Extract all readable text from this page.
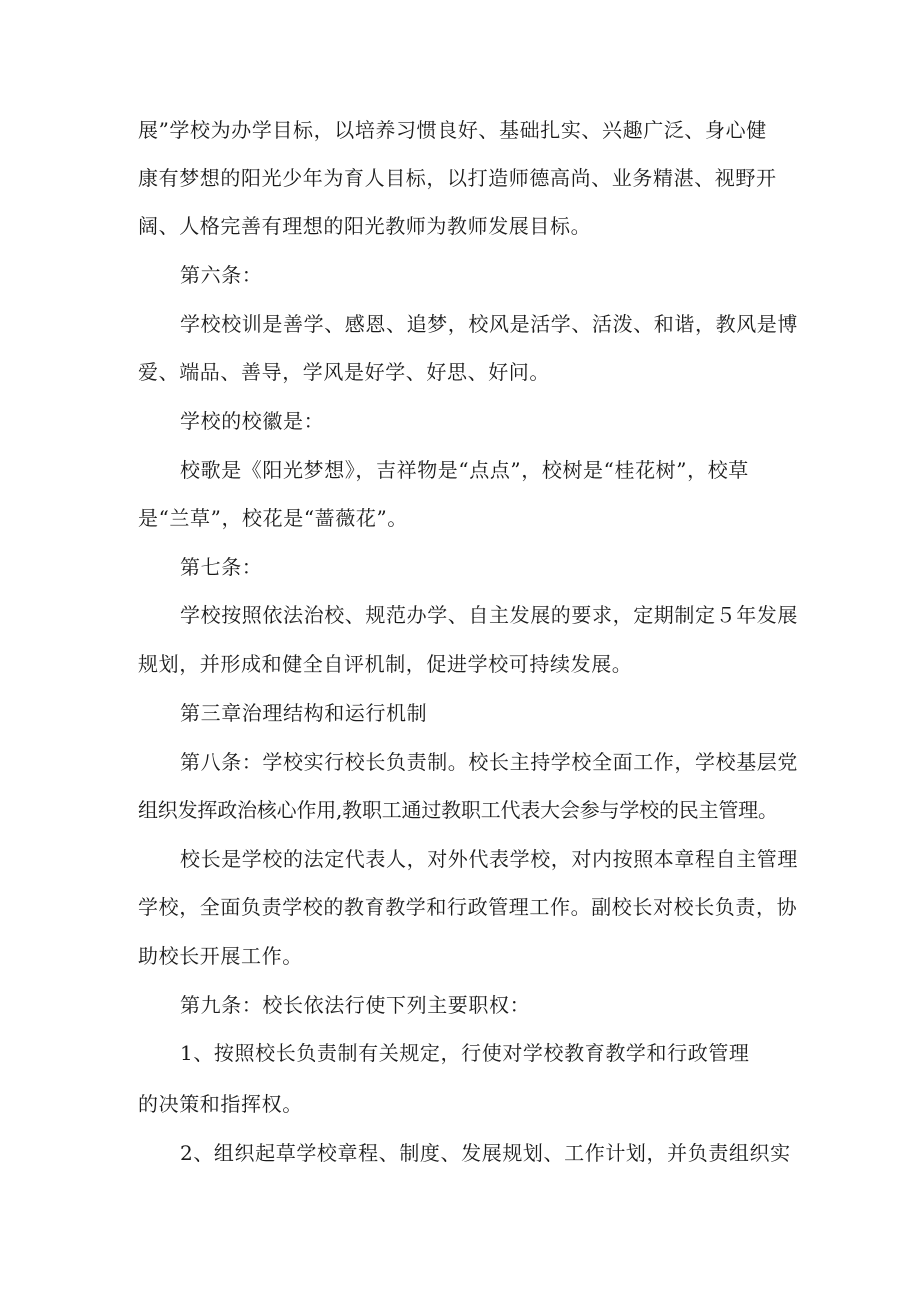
展”学校为办学目标，以培养习惯良好、基础扎实、兴趣广泛、身心健

康有梦想的阳光少年为育人目标，以打造师德高尚、业务精湛、视野开

阔、人格完善有理想的阳光教师为教师发展目标。

第六条：

学校校训是善学、感恩、追梦，校风是活学、活泼、和谐，教风是博

爱、端品、善导，学风是好学、好思、好问。

学校的校徽是：

校歌是《阳光梦想》，吉祥物是“点点”，校树是“桂花树”，校草

是“兰草”，校花是“蔷薇花”。

第七条：

学校按照依法治校、规范办学、自主发展的要求，定期制定５年发展

规划，并形成和健全自评机制，促进学校可持续发展。

第三章治理结构和运行机制

第八条：学校实行校长负责制。校长主持学校全面工作，学校基层党

组织发挥政治核心作用,教职工通过教职工代表大会参与学校的民主管理。

校长是学校的法定代表人，对外代表学校，对内按照本章程自主管理

学校，全面负责学校的教育教学和行政管理工作。副校长对校长负责，协

助校长开展工作。

第九条：校长依法行使下列主要职权：

1、按照校长负责制有关规定，行使对学校教育教学和行政管理

的决策和指挥权。

2、组织起草学校章程、制度、发展规划、工作计划，并负责组织实
